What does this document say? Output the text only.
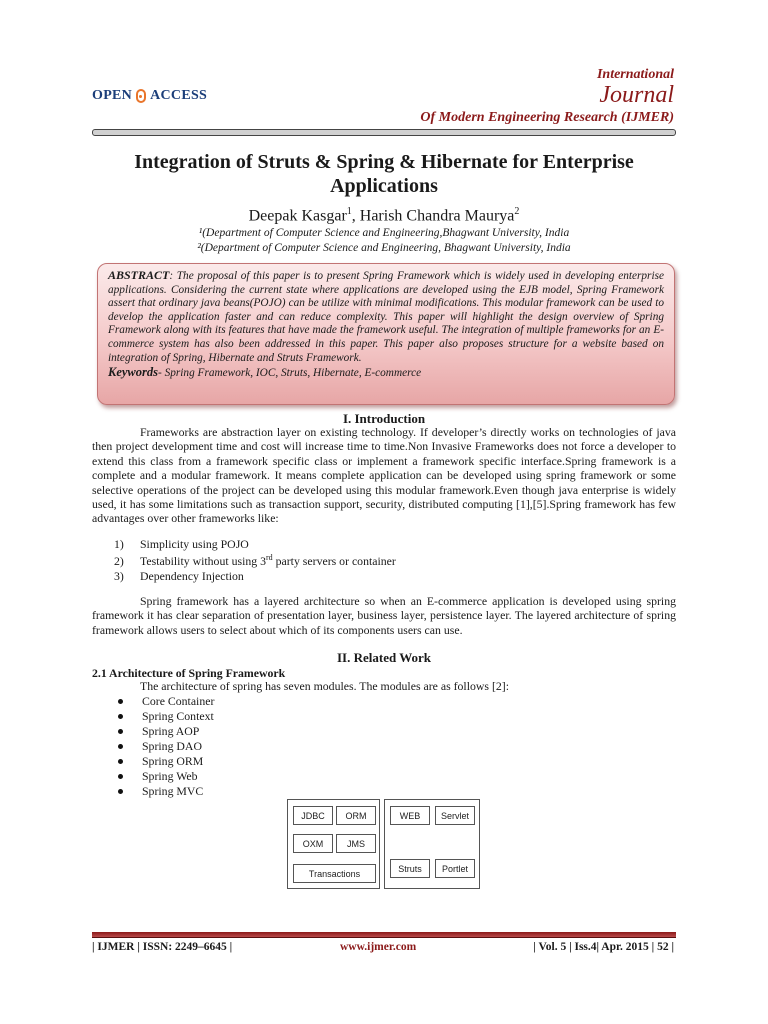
OPEN ACCESS
International
Journal
Of Modern Engineering Research (IJMER)
Integration of Struts & Spring & Hibernate for Enterprise
Applications
Deepak Kasgar$^1$, Harish Chandra Maurya$^2$
¹(Department of Computer Science and Engineering,Bhagwant University, India
²(Department of Computer Science and Engineering, Bhagwant University, India
ABSTRACT: The proposal of this paper is to present Spring Framework which is widely used in developing enterprise applications. Considering the current state where applications are developed using the EJB model, Spring Framework assert that ordinary java beans(POJO) can be utilize with minimal modifications. This modular framework can be used to develop the application faster and can reduce complexity. This paper will highlight the design overview of Spring Framework along with its features that have made the framework useful. The integration of multiple frameworks for an E-commerce system has also been addressed in this paper. This paper also proposes structure for a website based on integration of Spring, Hibernate and Struts Framework.
Keywords- Spring Framework, IOC, Struts, Hibernate, E-commerce
I. Introduction
Frameworks are abstraction layer on existing technology. If developer’s directly works on technologies of java then project development time and cost will increase time to time.Non Invasive Frameworks does not force a developer to extend this class from a framework specific class or implement a framework specific interface.Spring framework is a complete and a modular framework. It means complete application can be developed using spring framework or some selective operations of the project can be developed using this modular framework.Even though java enterprise is widely used, it has some limitations such as transaction support, security, distributed computing [1],[5].Spring framework has few advantages over other frameworks like:
1) Simplicity using POJO
2) Testability without using 3rd party servers or container
3) Dependency Injection
Spring framework has a layered architecture so when an E-commerce application is developed using spring framework it has clear separation of presentation layer, business layer, persistence layer. The layered architecture of spring framework allows users to select about which of its components users can use.
II. Related Work
2.1 Architecture of Spring Framework
The architecture of spring has seven modules. The modules are as follows [2]:
Core Container
Spring Context
Spring AOP
Spring DAO
Spring ORM
Spring Web
Spring MVC
JDBC	ORM
OXM	JMS
Transactions
WEB	Servlet
Struts	Portlet
| IJMER | ISSN: 2249–6645 |	www.ijmer.com	| Vol. 5 | Iss.4| Apr. 2015 | 52 |
